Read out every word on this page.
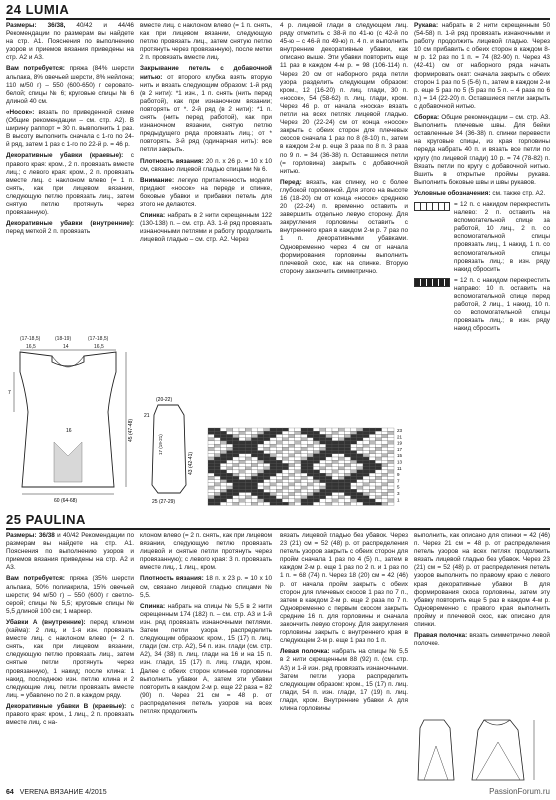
24 LUMIA

Размеры: 36/38, 40/42 и 44/46 Рекомендации по размерам вы найдете на стр. А1. Пояснения по выполнению узоров и приемов вязания приведены на стр. А2 и А3.

Вам потребуется: пряжа (84% шерсти альпака, 8% овечьей шерсти, 8% нейлона; 110 м/50 г) – 550 (600-650) г серовато-белой; спицы № 6; круговые спицы № 6 длиной 40 см.

«Носок»: вязать по приведенной схеме (Общие рекомендации – см. стр. А2). В ширину раппорт = 30 п. вывполнить 1 раз. В высоту выполнить сначала с 1-го по 24-й ряд, затем 1 раз с 1-го по 22-й р. = 46 р.

Декоративные убавки (краевые): с правого края: кром., 2 п. провязать вместе лиц.; с левого края: кром., 2 п. провязать вместе лиц. с наклоном влево (= 1 п. снять, как при лицевом вязании, следующую петлю провязать лиц., затем снятую петлю протянуть через провязанную).

Декоративные убавки (внутренние): перед меткой 2 п. провязать

вместе лиц. с наклоном влево (= 1 п. снять, как при лицевом вязании, следующую петлю провязать лиц., затем снятую петлю протянуть через провязанную), после метки 2 п. провязать вместе лиц.

Закрывание петель с добавочной нитью: от второго клубка взять вторую нить и вязать следующим образом: 1-й ряд (в 2 нити): *1 изн., 1 п. снять (нить перед работой), как при изнаночном вязании; повторять от *. 2-й ряд (в 2 нити): *1 п. снять (нить перед работой), как при изнаночном вязании, снятую петлю предыдущего ряда провязать лиц.; от * повторять. 3-й ряд (одинарная нить): все петли закрыть.

Плотность вязания: 20 п. х 26 р. = 10 х 10 см, связано лицевой гладью спицами № 6.

Внимание: легкую приталенность модели придают «носок» на переде и спинке, боковые убавки и прибавки петель для этого не делаются.

Спинка: набрать в 2 нити скрещенным 122 (130-138) п. – см. стр. А3. 1-й ряд провязать изнаночными петлями и работу продолжить лицевой гладью – см. стр. А2. Через

4 р. лицевой глади в следующем лиц. ряду отметить с 38-й по 41-ю (с 42-й по 45-ю – с 46-й по 49-ю) п. 4 п. и выполнить внутренние декоративные убавки, как описано выше. Эти убавки повторить еще 11 раз в каждом 4-м р. = 98 (106-114) п. Через 20 см от наборного ряда петли узора разделить следующим образом: кром., 12 (16-20) п. лиц. глади, 30 п. «носок», 54 (58-62) п. лиц. глади, кром. Через 46 р. от начала «носка» вязать петли на всех петлях лицевой гладью. Через 20 (22-24) см от конца «носок» закрыть с обеих сторон для плечевых скосов сначала 1 раз по 8 (8-10) п., затем в каждом 2-м р. еще 3 раза по 8 п. 3 раза по 9 п. = 34 (36-38) п. Оставшиеся петли (= горловина) закрыть с добавочной нитью.

Перед: вязать, как спинку, но с более глубокой горловиной. Для этого на высоте 16 (18-20) см от конца «носок» среднюю 20 (22-24) п. временно оставить и завершить отдельно левую сторону. Для закругления горловины оставить с внутреннего края в каждом 2-м р. 7 раз по 1 п. декоративными убавками. Одновременно через 4 см от начала формирования горловины выполнить плечевой скос, как на спинке. Вторую сторону закончить симметрично.

Рукава: набрать в 2 нити скрещенным 50 (54-58) п. 1-й ряд провязать изнаночными и работу продолжить лицевой гладью. Через 10 см прибавить с обеих сторон в каждом 8-м р. 12 раз по 1 п. = 74 (82-90) п. Через 43 (42-41) см от наборного ряда начать формировать окат: сначала закрыть с обеих сторон 1 раз по 5 (5-6) п., затем в каждом 2-м р. еще 5 раз по 5 (5 раз по 5 п. – 4 раза по 6 п.) = 14 (22-20) п. Оставшиеся петли закрыть с добавочной нитью.

Сборка: Общие рекомендации – см. стр. А3. Выполнить плечевые швы. Для бейки оставленные 34 (36-38) п. спинки перевести на круговые спицы, из края горловины переда набрать 40 п. и вязать все петли по кругу (по лицевой глади) 10 р. = 74 (78-82) п. Вязать петли по кругу с добавочной нитью. Вшить в открытые проймы рукава. Выполнить боковые швы и швы рукавов.

Условные обозначения: см. также стр. А2.

= 12 п. с накидом перекрестить налево: 2 п. оставить на вспомогательной спице за работой, 10 лиц., 2 п. со вспомогательной спицы провязать лиц., 1 накид, 1 п. со вспомогательной спицы провязать лиц.; в изн. ряду накид сбросить
= 12 п. с накидом перекрестить направо: 10 п. оставить на вспомогательной спице перед работой, 2 лиц., 1 накид, 10 п. со вспомогательной спицы провязать лиц.; в изн. ряду накид сбросить
(17-18,5)	(18-19)	(17-18,5)
16,5	14	16,5
7
45 (47-48)
16
60 (64-68)
(20-22)
21
43 (42-41)
17 (19-21)
25 (27-29)
23
21
19
17
15
13
11
9
7
5
3
1
25 PAULINA

Размеры: 36/38 и 40/42 Рекомендации по размерам вы найдете на стр. А1. Пояснения по выполнению узоров и приемов вязания приведены на стр. А2 и А3.

Вам потребуется: пряжа (35% шерсти альпака, 50% полиакрила, 15% овечьей шерсти; 94 м/50 г) – 550 (600) г светло-серой; спицы № 5,5; круговые спицы № 5,5 длиной 100 см; 1 маркер.

Убавки А (внутренние): перед клином (кайма): 2 лиц. и 1-я изн. провязать вместе лиц. с наклоном влево (= 2 п. снять, как при лицевом вязании, следующую петлю провязать лиц., затем снятые петли протянуть через провязанную), 1 накид; после клина: 1 накид, последнюю изн. петлю клина и 2 следующие лиц. петли провязать вместе лиц. = убавлено по 2 п. в каждом ряду.

Декоративные убавки В (краевые): с правого края: кром., 1 лиц., 2 п. провязать вместе лиц. с на-

клоном влево (= 2 п. снять, как при лицевом вязании, следующую петлю провязать лицевой и снятые петли протянуть через провязанную); с левого края: 3 п. провязать вместе лиц., 1 лиц., кром.

Плотность вязания: 18 п. х 23 р. = 10 х 10 см, связано лицевой гладью спицами № 5,5.

Спинка: набрать на спицы № 5,5 в 2 нити скрещенным 174 (182) п. – см. стр. А3 и 1-й изн. ряд провязать изнаночными петлями. Затем петли узора распределить следующим образом: кром., 15 (17) п. лиц. глади (см. стр. А2), 54 п. изн. глади (см. стр. А2), 34 (38) п. лиц. глади на 16 и на 15 п. изн. глади, 15 (17) п. лиц. глади, кром. Далее с обеих сторон клиньев горловины выполнить убавки А, затем эти убавки повторить в каждом 2-м р. еще 22 раза = 82 (90) п. Через 21 см = 48 р. от распределения петель узоров на всех петлях продолжить

вязать лицевой гладью без убавок. Через 23 (21) см = 52 (48) р. от распределения петель узоров закрыть с обеих сторон для пройм сначала 1 раз по 4 (5) п., затем в каждом 2-м р. еще 1 раз по 2 п. и 1 раз по 1 п. = 68 (74) п. Через 18 (20) см = 42 (46) р. от начала пройм закрыть с обеих сторон для плечевых скосов 1 раз по 7 п., затем в каждом 2-м р. еще 2 раза по 7 п. Одновременно с первым скосом закрыть средние 16 п. для горловины и сначала закончить левую сторону. Для закругления горловины закрыть с внутреннего края в следующем 2-м р. еще 1 раз по 1 п.

Левая полочка: набрать на спицы № 5,5 в 2 нити скрещенным 88 (92) п. (см. стр. А3) и 1-й изн. ряд провязать изнаночными. Затем петли узора распределить следующим образом: кром., 15 (17) п. лиц. глади, 54 п. изн. глади, 17 (19) п. лиц. глади, кром. Внутренние убавки А для клина горловины

выполнить, как описано для спинки = 42 (46) п. Через 21 см = 48 р. от распределения петель узоров на всех петлях продолжить вязать лицевой гладью без убавок. Через 23 (21) см = 52 (48) р. от распределения петель узоров выполнить по правому краю с левого края декоративные убавки В для формирования скоса горловины, затем эту убавку повторить еще 5 раз в каждом 4-м р. Одновременно с правого края выполнить пройму и плечевой скос, как описано для спинки.

Правая полочка: вязать симметрично левой полочке.

64 VERENA ВЯЗАНИЕ 4/2015	PassionForum.ru
